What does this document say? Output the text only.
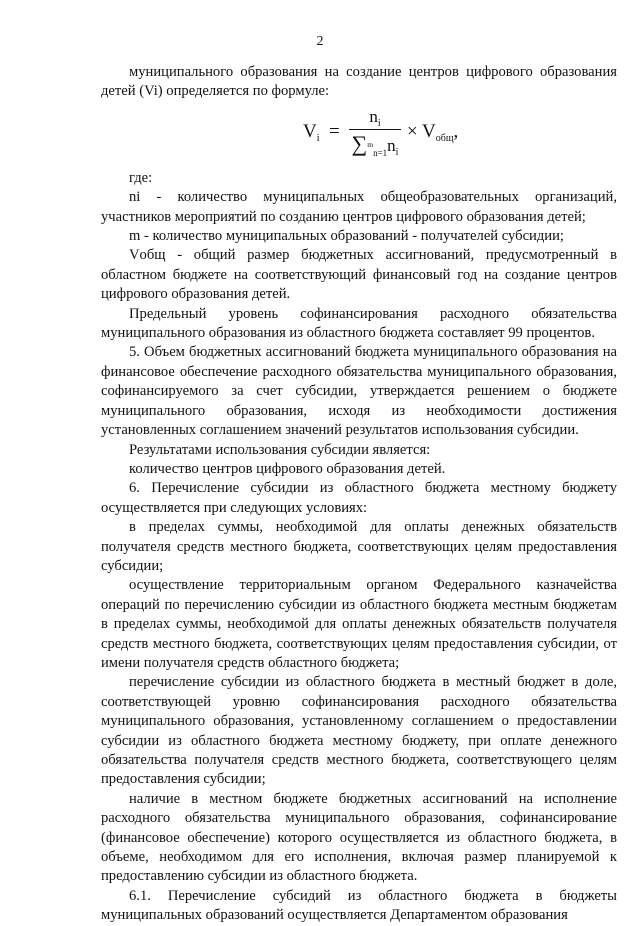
2

муниципального образования на создание центров цифрового образования детей (Vi) определяется по формуле:

$V_i$ =
$n_i$
$\sum^m_{n=1}n_i$
× $V_{общ}$,

где:

ni - количество муниципальных общеобразовательных организаций, участников мероприятий по созданию центров цифрового образования детей;

m - количество муниципальных образований - получателей субсидии;

Vобщ - общий размер бюджетных ассигнований, предусмотренный в областном бюджете на соответствующий финансовый год на создание центров цифрового образования детей.

Предельный уровень софинансирования расходного обязательства муниципального образования из областного бюджета составляет 99 процентов.

5. Объем бюджетных ассигнований бюджета муниципального образования на финансовое обеспечение расходного обязательства муниципального образования, софинансируемого за счет субсидии, утверждается решением о бюджете муниципального образования, исходя из необходимости достижения установленных соглашением значений результатов использования субсидии.

Результатами использования субсидии является:

количество центров цифрового образования детей.

6. Перечисление субсидии из областного бюджета местному бюджету осуществляется при следующих условиях:

в пределах суммы, необходимой для оплаты денежных обязательств получателя средств местного бюджета, соответствующих целям предоставления субсидии;

осуществление территориальным органом Федерального казначейства операций по перечислению субсидии из областного бюджета местным бюджетам в пределах суммы, необходимой для оплаты денежных обязательств получателя средств местного бюджета, соответствующих целям предоставления субсидии, от имени получателя средств областного бюджета;

перечисление субсидии из областного бюджета в местный бюджет в доле, соответствующей уровню софинансирования расходного обязательства муниципального образования, установленному соглашением о предоставлении субсидии из областного бюджета местному бюджету, при оплате денежного обязательства получателя средств местного бюджета, соответствующего целям предоставления субсидии;

наличие в местном бюджете бюджетных ассигнований на исполнение расходного обязательства муниципального образования, софинансирование (финансовое обеспечение) которого осуществляется из областного бюджета, в объеме, необходимом для его исполнения, включая размер планируемой к предоставлению субсидии из областного бюджета.

6.1. Перечисление субсидий из областного бюджета в бюджеты муниципальных образований осуществляется Департаментом образования
